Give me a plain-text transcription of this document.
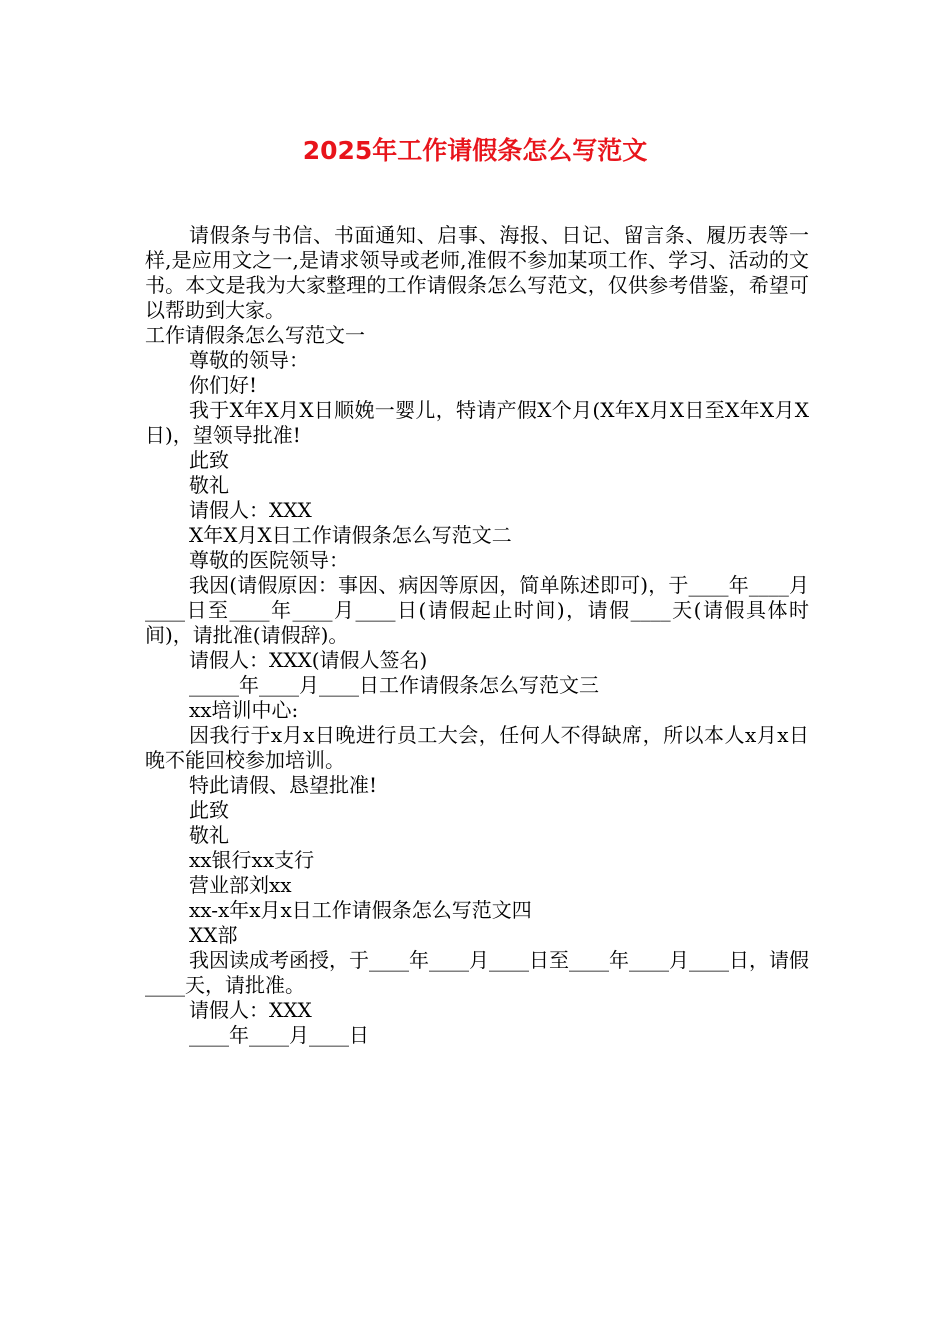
2025年工作请假条怎么写范文

请假条与书信、书面通知、启事、海报、日记、留言条、履历表等一样,是应用文之一,是请求领导或老师,准假不参加某项工作、学习、活动的文书。本文是我为大家整理的工作请假条怎么写范文，仅供参考借鉴，希望可以帮助到大家。

工作请假条怎么写范文一

尊敬的领导：

你们好!

我于X年X月X日顺娩一婴儿，特请产假X个月(X年X月X日至X年X月X日)，望领导批准!

此致

敬礼

请假人：XXX

X年X月X日工作请假条怎么写范文二

尊敬的医院领导：

我因(请假原因：事因、病因等原因，简单陈述即可)，于____年____月____日至____年____月____日(请假起止时间)，请假____天(请假具体时间)，请批准(请假辞)。

请假人：XXX(请假人签名)

_____年____月____日工作请假条怎么写范文三

xx培训中心:

因我行于x月x日晚进行员工大会，任何人不得缺席，所以本人x月x日晚不能回校参加培训。

特此请假、恳望批准!

此致

敬礼

xx银行xx支行

营业部刘xx

xx-x年x月x日工作请假条怎么写范文四

XX部

我因读成考函授，于____年____月____日至____年____月____日，请假____天，请批准。

请假人：XXX

____年____月____日
